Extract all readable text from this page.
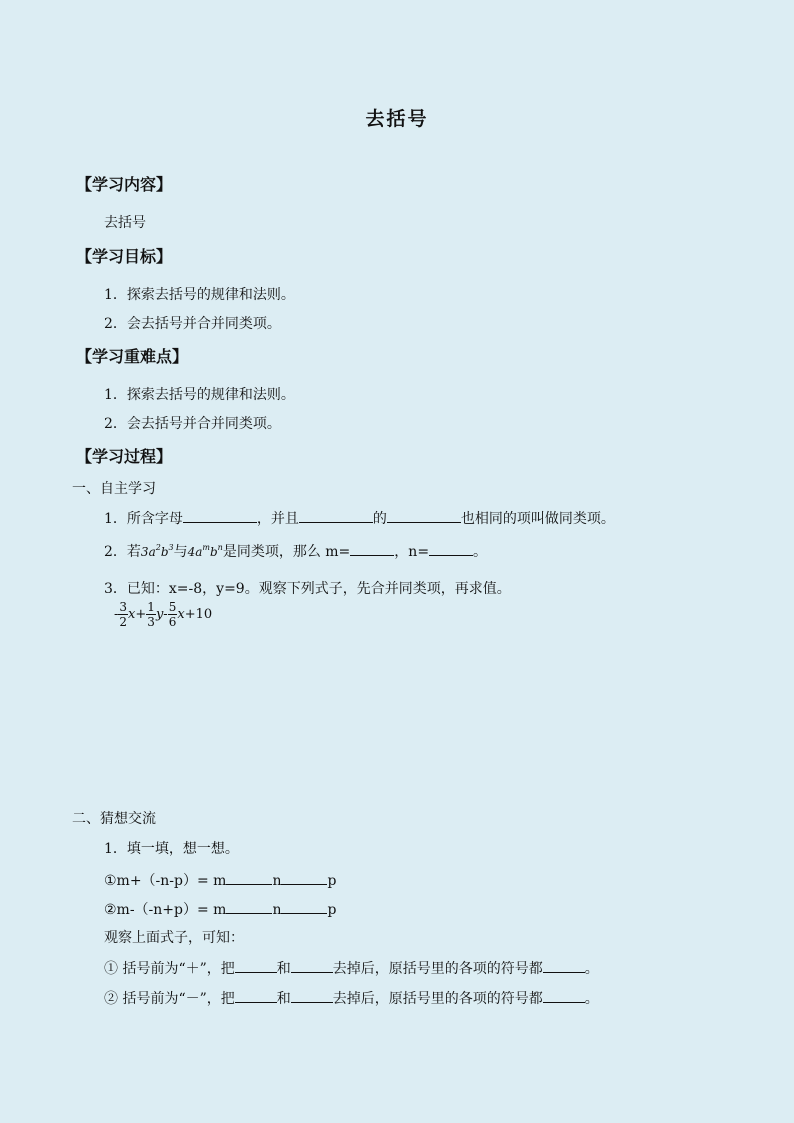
去括号
【学习内容】
去括号
【学习目标】
1．探索去括号的规律和法则。
2．会去括号并合并同类项。
【学习重难点】
1．探索去括号的规律和法则。
2．会去括号并合并同类项。
【学习过程】
一、自主学习
1．所含字母	，并且	的	也相同的项叫做同类项。
2．若$3a^2b^3$与$4a^mb^n$是同类项，那么 m=	，n=	。
3．已知：x=-8，y=9。观察下列式子，先合并同类项，再求值。
- $\frac{3}{2} x+ \frac{1}{3} y- \frac{5}{6} x+10$
二、猜想交流
1．填一填，想一想。
①m+（-n-p）= m	n	p
②m-（-n+p）= m	n	p
观察上面式子，可知：
① 括号前为“＋”，把	和	去掉后，原括号里的各项的符号都	。
② 括号前为“－”，把	和	去掉后，原括号里的各项的符号都	。
